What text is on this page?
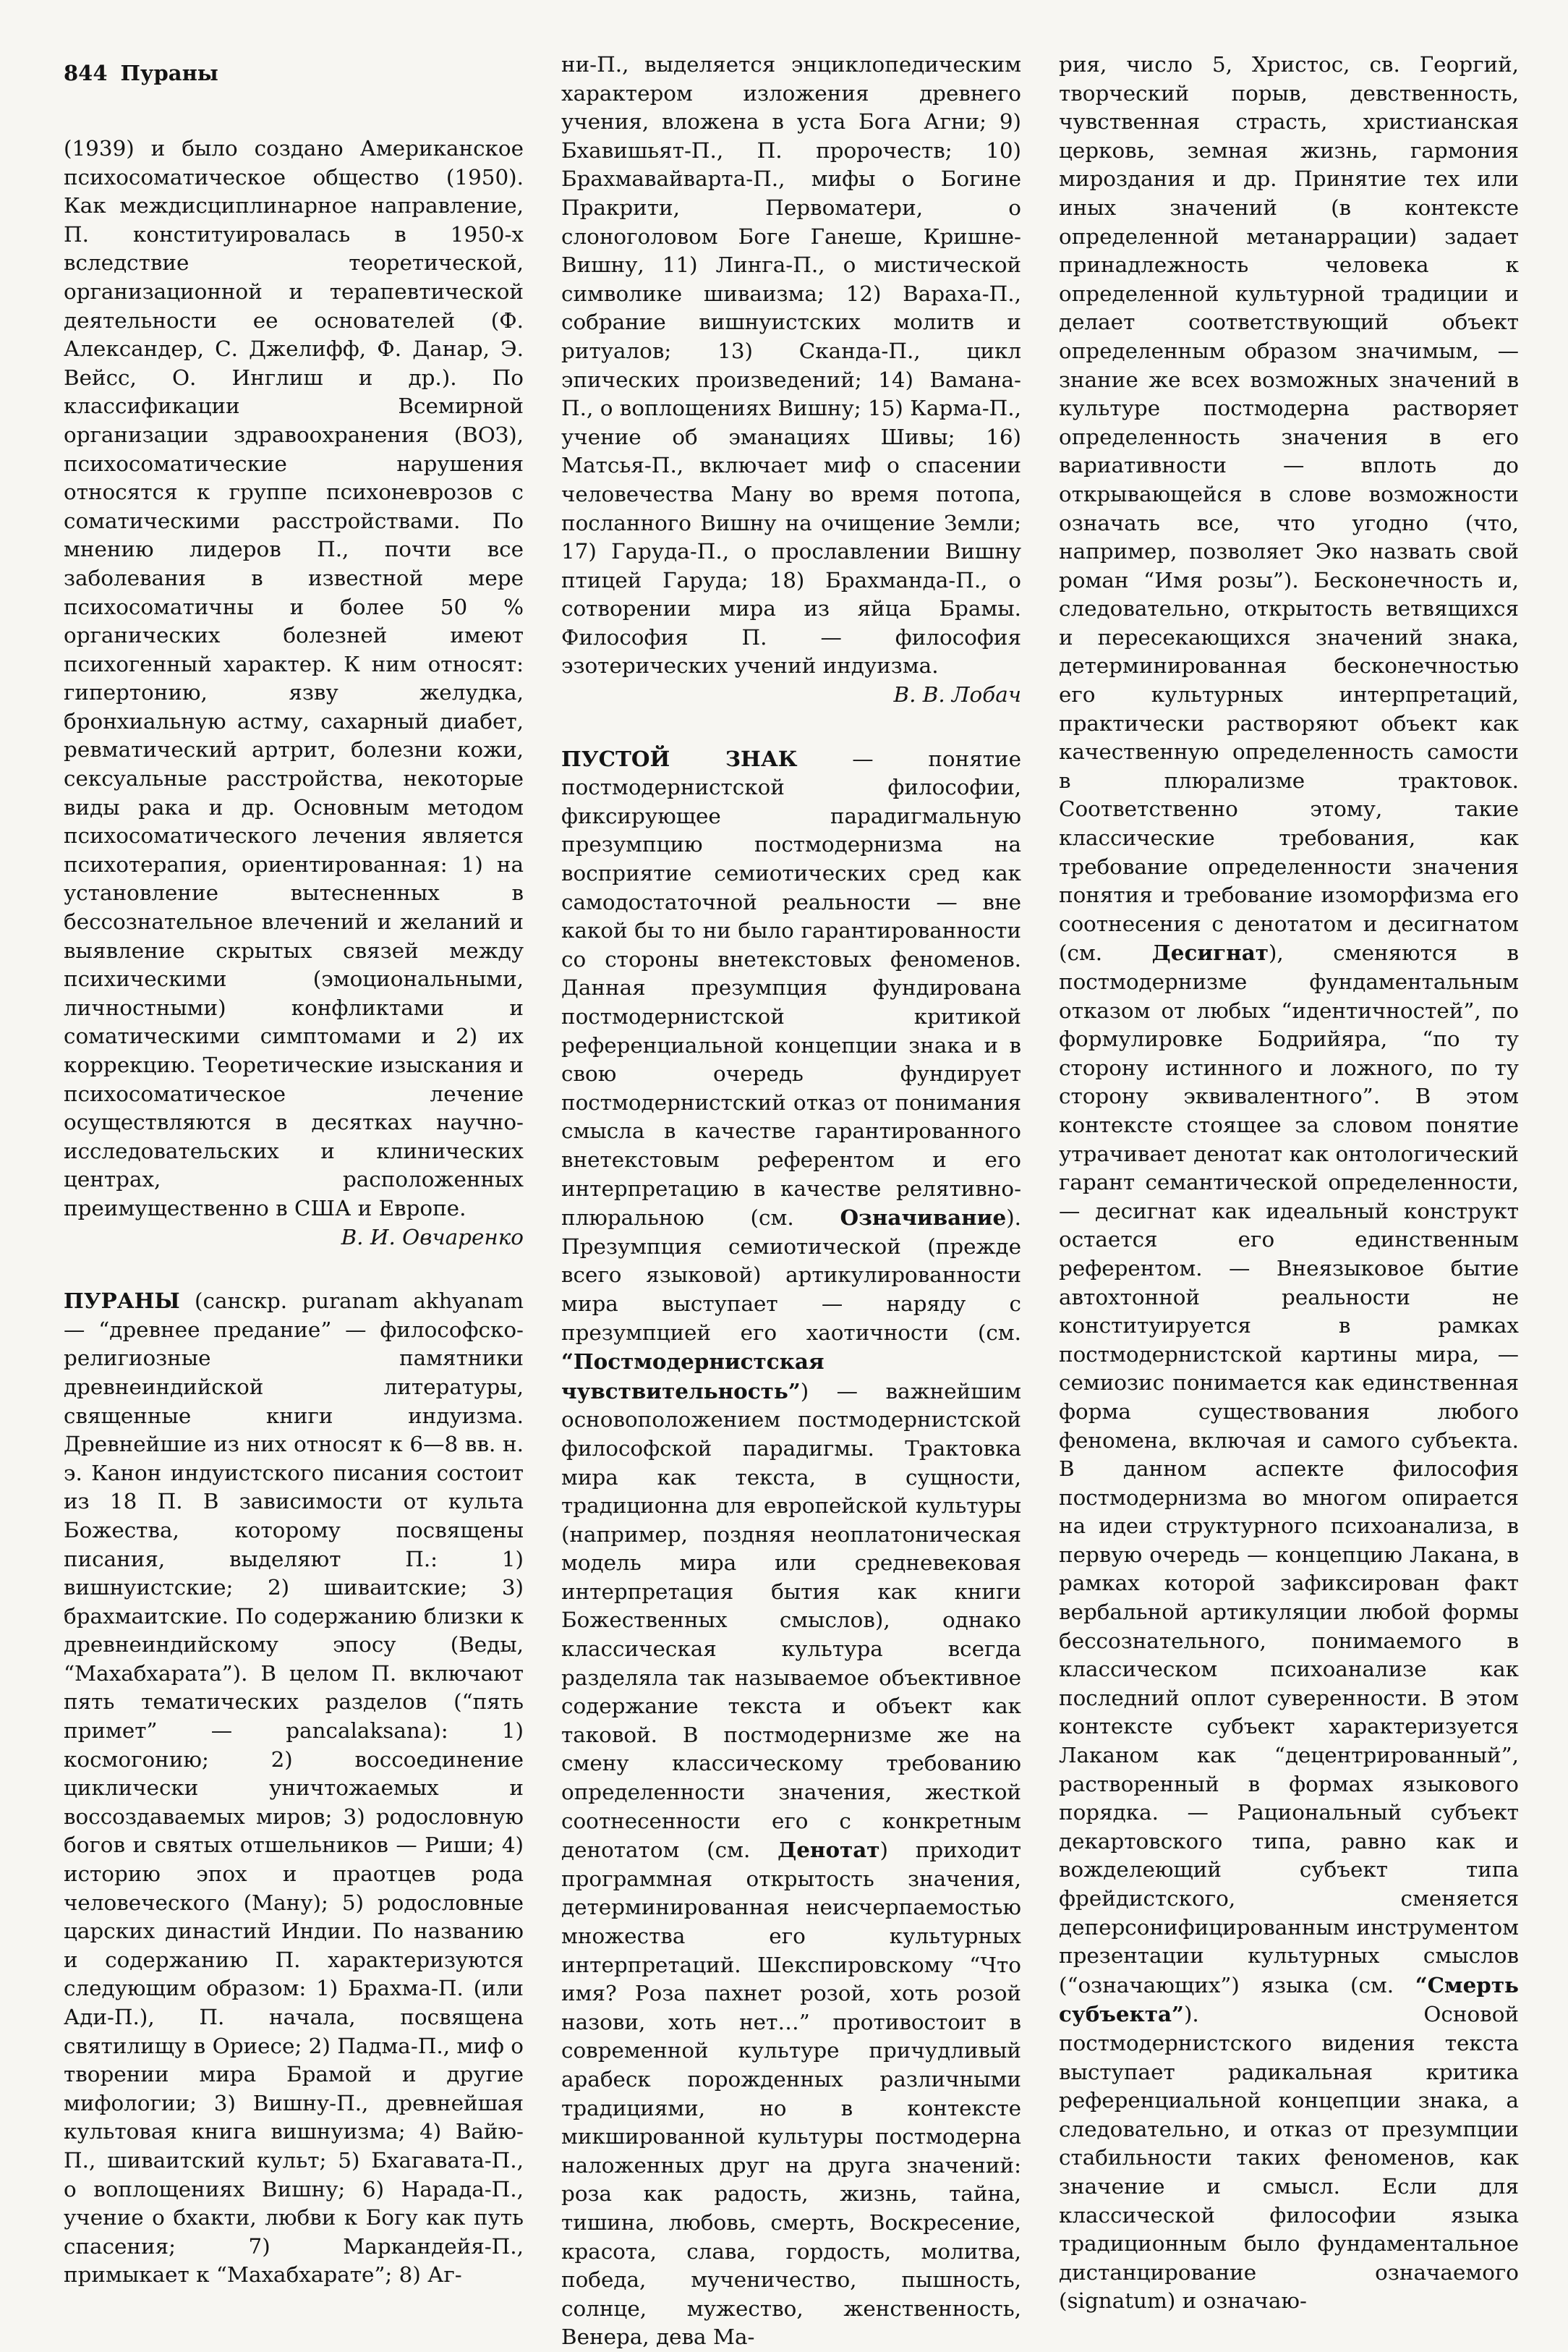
844 Пураны

(1939) и было создано Американское психосоматическое общество (1950). Как междисциплинарное направление, П. конституировалась в 1950-х вследствие теоретической, организационной и терапевтической деятельности ее основателей (Ф. Александер, С. Джелифф, Ф. Данар, Э. Вейсс, О. Инглиш и др.). По классификации Всемирной организации здравоохранения (ВОЗ), психосоматические нарушения относятся к группе психоневрозов с соматическими расстройствами. По мнению лидеров П., почти все заболевания в известной мере психосоматичны и более 50 % органических болезней имеют психогенный характер. К ним относят: гипертонию, язву желудка, бронхиальную астму, сахарный диабет, ревматический артрит, болезни кожи, сексуальные расстройства, некоторые виды рака и др. Основным методом психосоматического лечения является психотерапия, ориентированная: 1) на установление вытесненных в бессознательное влечений и желаний и выявление скрытых связей между психическими (эмоциональными, личностными) конфликтами и соматическими симптомами и 2) их коррекцию. Теоретические изыскания и психосоматическое лечение осуществляются в десятках научно-исследовательских и клинических центрах, расположенных преимущественно в США и Европе.

В. И. Овчаренко

ПУРАНЫ (санскр. puranam akhyanam — “древнее предание” — философско-религиозные памятники древнеиндийской литературы, священные книги индуизма. Древнейшие из них относят к 6—8 вв. н. э. Канон индуистского писания состоит из 18 П. В зависимости от культа Божества, которому посвящены писания, выделяют П.: 1) вишнуистские; 2) шиваитские; 3) брахмаитские. По содержанию близки к древнеиндийскому эпосу (Веды, “Махабхарата”). В целом П. включают пять тематических разделов (“пять примет” — pancalaksana): 1) космогонию; 2) воссоединение циклически уничтожаемых и воссоздаваемых миров; 3) родословную богов и святых отшельников — Риши; 4) историю эпох и праотцев рода человеческого (Ману); 5) родословные царских династий Индии. По названию и содержанию П. характеризуются следующим образом: 1) Брахма-П. (или Ади-П.), П. начала, посвящена святилищу в Ориесе; 2) Падма-П., миф о творении мира Брамой и другие мифологии; 3) Вишну-П., древнейшая культовая книга вишнуизма; 4) Вайю-П., шиваитский культ; 5) Бхагавата-П., о воплощениях Вишну; 6) Нарада-П., учение о бхакти, любви к Богу как путь спасения; 7) Маркандейя-П., примыкает к “Махабхарате”; 8) Аг-

ни-П., выделяется энциклопедическим характером изложения древнего учения, вложена в уста Бога Агни; 9) Бхавишьят-П., П. пророчеств; 10) Брахмавайварта-П., мифы о Богине Пракрити, Первоматери, о слоноголовом Боге Ганеше, Кришне-Вишну, 11) Линга-П., о мистической символике шиваизма; 12) Вараха-П., собрание вишнуистских молитв и ритуалов; 13) Сканда-П., цикл эпических произведений; 14) Вамана-П., о воплощениях Вишну; 15) Карма-П., учение об эманациях Шивы; 16) Матсья-П., включает миф о спасении человечества Ману во время потопа, посланного Вишну на очищение Земли; 17) Гаруда-П., о прославлении Вишну птицей Гаруда; 18) Брахманда-П., о сотворении мира из яйца Брамы. Философия П. — философия эзотерических учений индуизма.

В. В. Лобач

ПУСТОЙ ЗНАК — понятие постмодернистской философии, фиксирующее парадигмальную презумпцию постмодернизма на восприятие семиотических сред как самодостаточной реальности — вне какой бы то ни было гарантированности со стороны внетекстовых феноменов. Данная презумпция фундирована постмодернистской критикой референциальной концепции знака и в свою очередь фундирует постмодернистский отказ от понимания смысла в качестве гарантированного внетекстовым референтом и его интерпретацию в качестве релятивно-плюральною (см. Означивание). Презумпция семиотической (прежде всего языковой) артикулированности мира выступает — наряду с презумпцией его хаотичности (см. “Постмодернистская чувствительность”) — важнейшим основоположением постмодернистской философской парадигмы. Трактовка мира как текста, в сущности, традиционна для европейской культуры (например, поздняя неоплатоническая модель мира или средневековая интерпретация бытия как книги Божественных смыслов), однако классическая культура всегда разделяла так называемое объективное содержание текста и объект как таковой. В постмодернизме же на смену классическому требованию определенности значения, жесткой соотнесенности его с конкретным денотатом (см. Денотат) приходит программная открытость значения, детерминированная неисчерпаемостью множества его культурных интерпретаций. Шекспировскому “Что имя? Роза пахнет розой, хоть розой назови, хоть нет…” противостоит в современной культуре причудливый арабеск порожденных различными традициями, но в контексте микшированной культуры постмодерна наложенных друг на друга значений: роза как радость, жизнь, тайна, тишина, любовь, смерть, Воскресение, красота, слава, гордость, молитва, победа, мученичество, пышность, солнце, мужество, женственность, Венера, дева Ма-

рия, число 5, Христос, св. Георгий, творческий порыв, девственность, чувственная страсть, христианская церковь, земная жизнь, гармония мироздания и др. Принятие тех или иных значений (в контексте определенной метанаррации) задает принадлежность человека к определенной культурной традиции и делает соответствующий объект определенным образом значимым, — знание же всех возможных значений в культуре постмодерна растворяет определенность значения в его вариативности — вплоть до открывающейся в слове возможности означать все, что угодно (что, например, позволяет Эко назвать свой роман “Имя розы”). Бесконечность и, следовательно, открытость ветвящихся и пересекающихся значений знака, детерминированная бесконечностью его культурных интерпретаций, практически растворяют объект как качественную определенность самости в плюрализме трактовок. Соответственно этому, такие классические требования, как требование определенности значения понятия и требование изоморфизма его соотнесения с денотатом и десигнатом (см. Десигнат), сменяются в постмодернизме фундаментальным отказом от любых “идентичностей”, по формулировке Бодрийяра, “по ту сторону истинного и ложного, по ту сторону эквивалентного”. В этом контексте стоящее за словом понятие утрачивает денотат как онтологический гарант семантической определенности, — десигнат как идеальный конструкт остается его единственным референтом. — Внеязыковое бытие автохтонной реальности не конституируется в рамках постмодернистской картины мира, — семиозис понимается как единственная форма существования любого феномена, включая и самого субъекта. В данном аспекте философия постмодернизма во многом опирается на идеи структурного психоанализа, в первую очередь — концепцию Лакана, в рамках которой зафиксирован факт вербальной артикуляции любой формы бессознательного, понимаемого в классическом психоанализе как последний оплот суверенности. В этом контексте субъект характеризуется Лаканом как “децентрированный”, растворенный в формах языкового порядка. — Рациональный субъект декартовского типа, равно как и вожделеющий субъект типа фрейдистского, сменяется деперсонифицированным инструментом презентации культурных смыслов (“означающих”) языка (см. “Смерть субъекта”). Основой постмодернистского видения текста выступает радикальная критика референциальной концепции знака, а следовательно, и отказ от презумпции стабильности таких феноменов, как значение и смысл. Если для классической философии языка традиционным было фундаментальное дистанцирование означаемого (signatum) и означаю-
